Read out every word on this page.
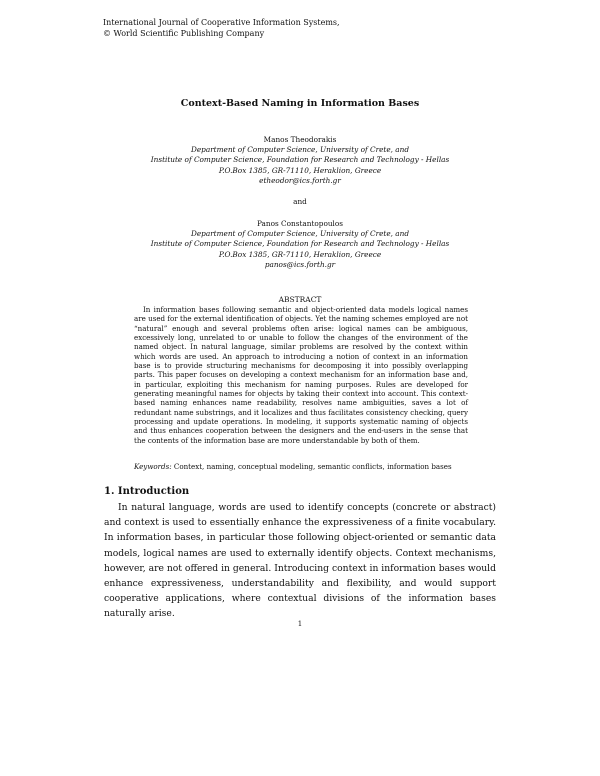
International Journal of Cooperative Information Systems,
© World Scientific Publishing Company
Context-Based Naming in Information Bases
Manos Theodorakis
Department of Computer Science, University of Crete, and
Institute of Computer Science, Foundation for Research and Technology - Hellas
P.O.Box 1385, GR-71110, Heraklion, Greece
etheodor@ics.forth.gr
and
Panos Constantopoulos
Department of Computer Science, University of Crete, and
Institute of Computer Science, Foundation for Research and Technology - Hellas
P.O.Box 1385, GR-71110, Heraklion, Greece
panos@ics.forth.gr
ABSTRACT
In information bases following semantic and object-oriented data models logical names are used for the external identification of objects. Yet the naming schemes employed are not “natural” enough and several problems often arise: logical names can be ambiguous, excessively long, unrelated to or unable to follow the changes of the environment of the named object. In natural language, similar problems are resolved by the context within which words are used. An approach to introducing a notion of context in an information base is to provide structuring mechanisms for decomposing it into possibly overlapping parts. This paper focuses on developing a context mechanism for an information base and, in particular, exploiting this mechanism for naming purposes. Rules are developed for generating meaningful names for objects by taking their context into account. This context-based naming enhances name readability, resolves name ambiguities, saves a lot of redundant name substrings, and it localizes and thus facilitates consistency checking, query processing and update operations. In modeling, it supports systematic naming of objects and thus enhances cooperation between the designers and the end-users in the sense that the contents of the information base are more understandable by both of them.
Keywords: Context, naming, conceptual modeling, semantic conflicts, information bases
1. Introduction
In natural language, words are used to identify concepts (concrete or abstract) and context is used to essentially enhance the expressiveness of a finite vocabulary. In information bases, in particular those following object-oriented or semantic data models, logical names are used to externally identify objects. Context mechanisms, however, are not offered in general. Introducing context in information bases would enhance expressiveness, understandability and flexibility, and would support cooperative applications, where contextual divisions of the information bases naturally arise.
1
